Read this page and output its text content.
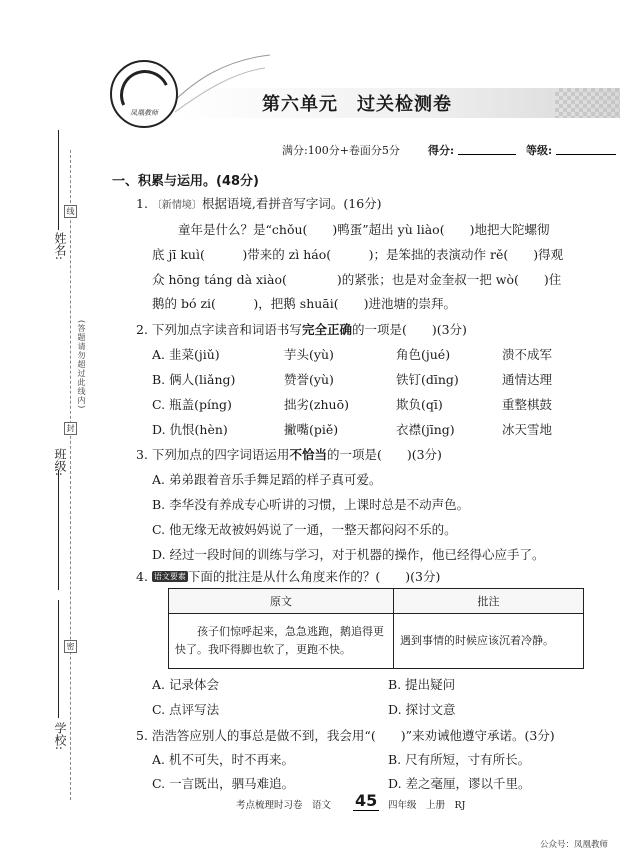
线
封
密
姓名:
(答题请勿超过此线内)
班级:
学校:
凤凰教师	第六单元　过关检测卷
满分:100分+卷面分5分	得分:	等级:
一、积累与运用。(48分)
1. 〔新情境〕根据语境,看拼音写字词。(16分)
童年是什么？是“chǒu(　　)鸭蛋”超出 yù liào(　　)地把大陀螺彻
底 jī kuì(　　　)带来的 zì háo(　　　)；是笨拙的表演动作 rě(　　)得观
众 hōng táng dà xiào(　　　　)的紧张；也是对金奎叔一把 wò(　　)住
鹅的 bó zi(　　　)，把鹅 shuāi(　　)进池塘的崇拜。
2. 下列加点字读音和词语书写完全正确的一项是(　　)(3分)
A. 韭菜(jiǔ)	芋头(yù)	角色(jué)	溃不成军
B. 俩人(liǎng)	赞誉(yù)	铁钉(dīng)	通情达理
C. 瓶盖(píng)	拙劣(zhuō)	欺负(qī)	重整棋鼓
D. 仇恨(hèn)	撇嘴(piě)	衣襟(jīng)	冰天雪地
3. 下列加点的四字词语运用不恰当的一项是(　　)(3分)
A. 弟弟跟着音乐手舞足蹈的样子真可爱。
B. 李华没有养成专心听讲的习惯，上课时总是不动声色。
C. 他无缘无故被妈妈说了一通，一整天都闷闷不乐的。
D. 经过一段时间的训练与学习，对于机器的操作，他已经得心应手了。
4. 语文要素 下面的批注是从什么角度来作的？(　　)(3分)
原文	批注
孩子们惊呼起来，急急逃跑，鹅追得更快了。我吓得脚也软了，更跑不快。	遇到事情的时候应该沉着冷静。
A. 记录体会	B. 提出疑问
C. 点评写法	D. 探讨文意
5. 浩浩答应别人的事总是做不到，我会用“(　　)”来劝诫他遵守承诺。(3分)
A. 机不可失，时不再来。	B. 尺有所短，寸有所长。
C. 一言既出，驷马难追。	D. 差之毫厘，谬以千里。
考点梳理时习卷　语文 45 四年级　上册　RJ
公众号：凤凰教师
